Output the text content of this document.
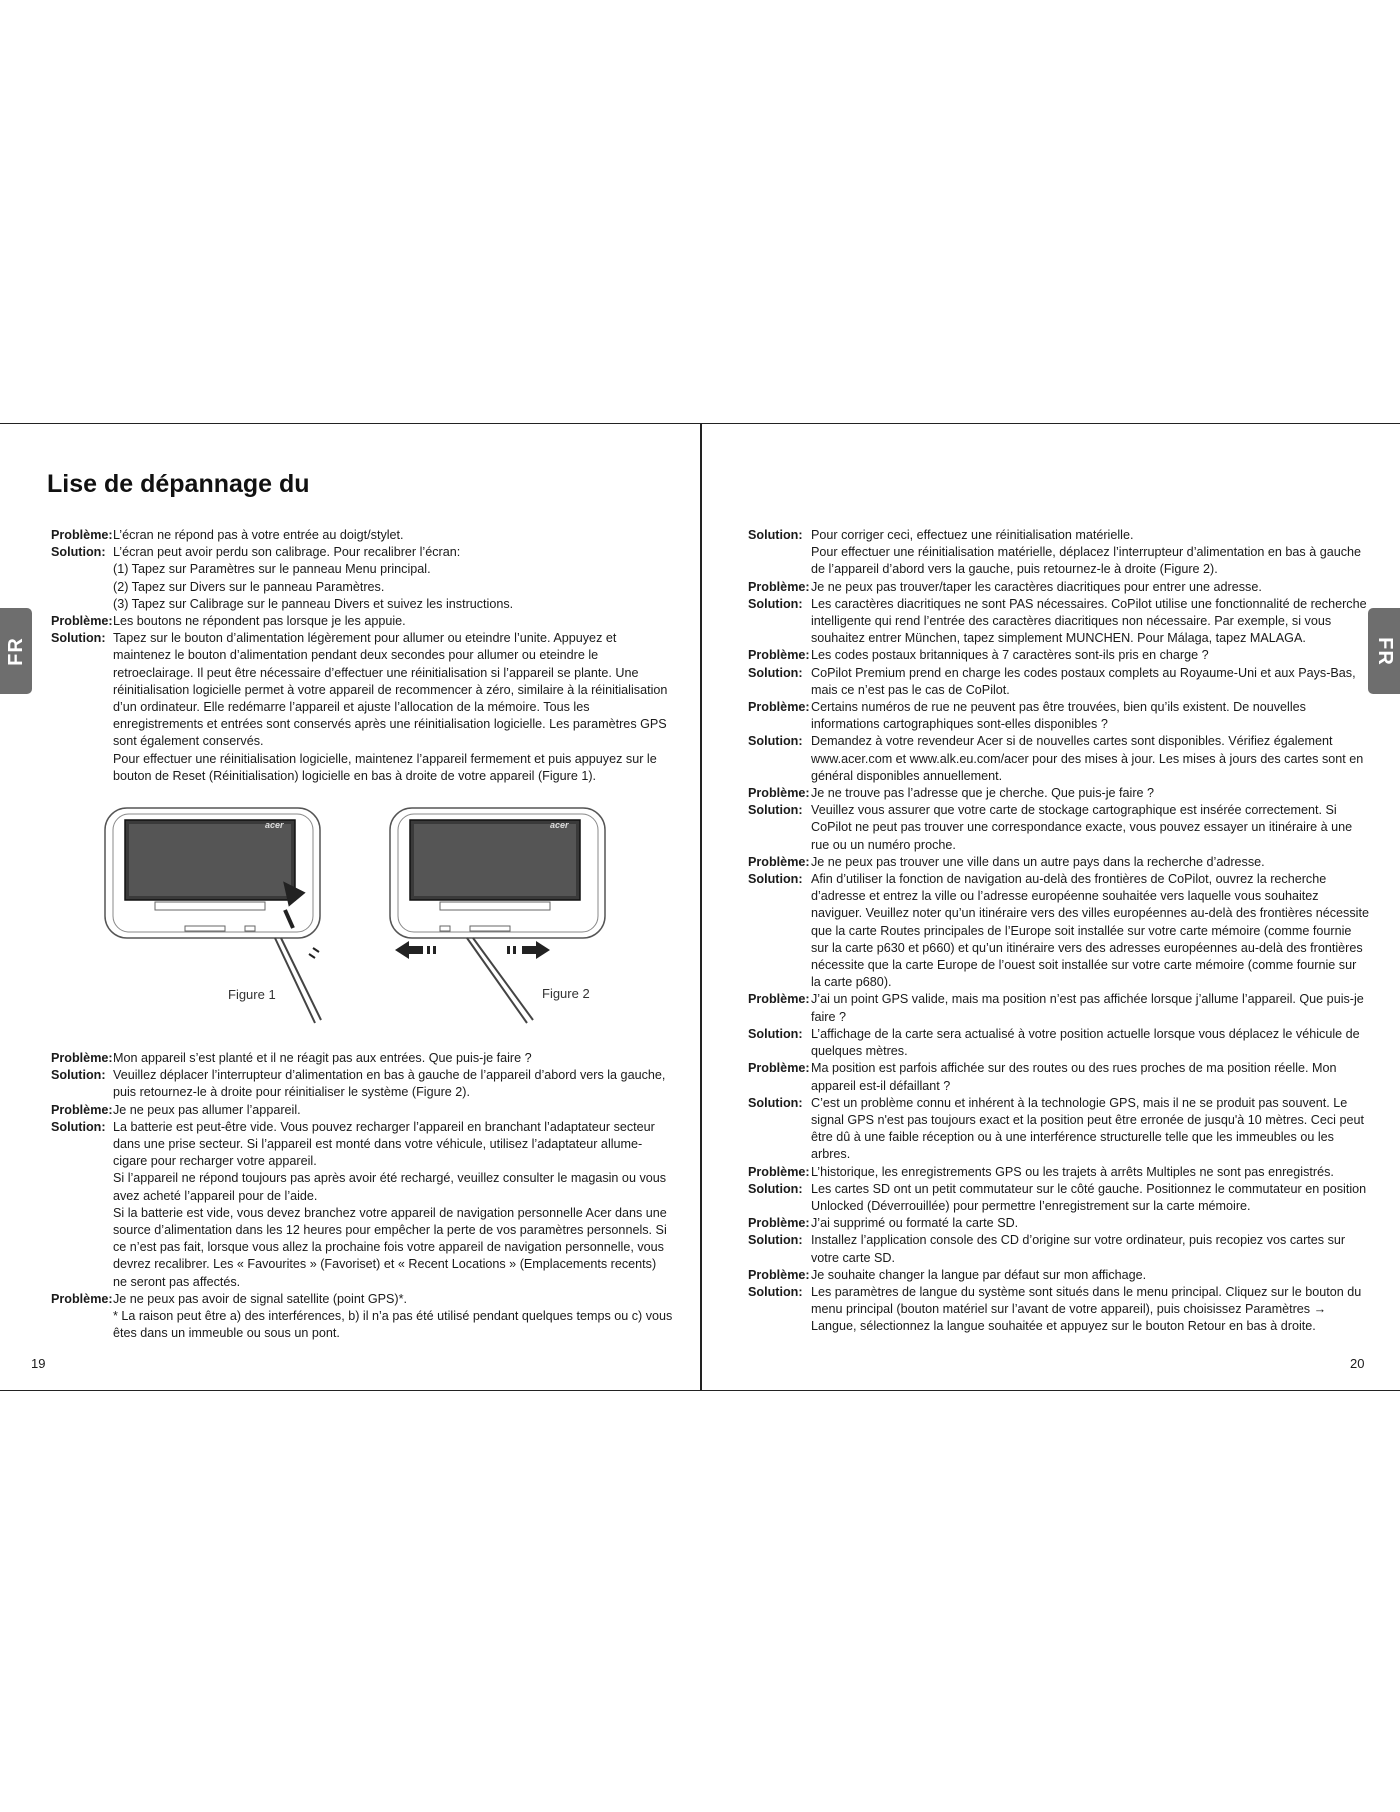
FR	FR
Lise de dépannage du
Problème: L’écran ne répond pas à votre entrée au doigt/stylet.

Solution: L’écran peut avoir perdu son calibrage. Pour recalibrer l’écran:

(1) Tapez sur Paramètres sur le panneau Menu principal.

(2) Tapez sur Divers sur le panneau Paramètres.

(3) Tapez sur Calibrage sur le panneau Divers et suivez les instructions.

Problème: Les boutons ne répondent pas lorsque je les appuie.

Solution: Tapez sur le bouton d’alimentation légèrement pour allumer ou eteindre l’unite. Appuyez et maintenez le bouton d’alimentation pendant deux secondes pour allumer ou eteindre le retroeclairage. Il peut être nécessaire d’effectuer une réinitialisation si l’appareil se plante. Une réinitialisation logicielle permet à votre appareil de recommencer à zéro, similaire à la réinitialisation d’un ordinateur. Elle redémarre l’appareil et ajuste l’allocation de la mémoire. Tous les enregistrements et entrées sont conservés après une réinitialisation logicielle. Les paramètres GPS sont également conservés.

Pour effectuer une réinitialisation logicielle, maintenez l’appareil fermement et puis appuyez sur le bouton de Reset (Réinitialisation) logicielle en bas à droite de votre appareil (Figure 1).

Figure 1	Figure 2
acer	acer
Problème: Mon appareil s’est planté et il ne réagit pas aux entrées. Que puis-je faire ?

Solution: Veuillez déplacer l’interrupteur d’alimentation en bas à gauche de l’appareil d’abord vers la gauche, puis retournez-le à droite pour réinitialiser le système (Figure 2).

Problème: Je ne peux pas allumer l’appareil.

Solution: La batterie est peut-être vide. Vous pouvez recharger l’appareil en branchant l’adaptateur secteur dans une prise secteur. Si l’appareil est monté dans votre véhicule, utilisez l’adaptateur allume-cigare pour recharger votre appareil.

Si l’appareil ne répond toujours pas après avoir été rechargé, veuillez consulter le magasin ou vous avez acheté l’appareil pour de l’aide.

Si la batterie est vide, vous devez branchez votre appareil de navigation personnelle Acer dans une source d’alimentation dans les 12 heures pour empêcher la perte de vos paramètres personnels. Si ce n’est pas fait, lorsque vous allez la prochaine fois votre appareil de navigation personnelle, vous devrez recalibrer. Les « Favourites » (Favoriset) et « Recent Locations » (Emplacements recents) ne seront pas affectés.

Problème: Je ne peux pas avoir de signal satellite (point GPS)*.

* La raison peut être a) des interférences, b) il n’a pas été utilisé pendant quelques temps ou c) vous êtes dans un immeuble ou sous un pont.

Solution: Pour corriger ceci, effectuez une réinitialisation matérielle.

Pour effectuer une réinitialisation matérielle, déplacez l’interrupteur d’alimentation en bas à gauche de l’appareil d’abord vers la gauche, puis retournez-le à droite (Figure 2).

Problème: Je ne peux pas trouver/taper les caractères diacritiques pour entrer une adresse.

Solution: Les caractères diacritiques ne sont PAS nécessaires. CoPilot utilise une fonctionnalité de recherche intelligente qui rend l’entrée des caractères diacritiques non nécessaire. Par exemple, si vous souhaitez entrer München, tapez simplement MUNCHEN. Pour Málaga, tapez MALAGA.

Problème: Les codes postaux britanniques à 7 caractères sont-ils pris en charge ?

Solution: CoPilot Premium prend en charge les codes postaux complets au Royaume-Uni et aux Pays-Bas, mais ce n’est pas le cas de CoPilot.

Problème: Certains numéros de rue ne peuvent pas être trouvées, bien qu’ils existent. De nouvelles informations cartographiques sont-elles disponibles ?

Solution: Demandez à votre revendeur Acer si de nouvelles cartes sont disponibles. Vérifiez également www.acer.com et www.alk.eu.com/acer pour des mises à jour. Les mises à jours des cartes sont en général disponibles annuellement.

Problème: Je ne trouve pas l’adresse que je cherche. Que puis-je faire ?

Solution: Veuillez vous assurer que votre carte de stockage cartographique est insérée correctement. Si CoPilot ne peut pas trouver une correspondance exacte, vous pouvez essayer un itinéraire à une rue ou un numéro proche.

Problème: Je ne peux pas trouver une ville dans un autre pays dans la recherche d’adresse.

Solution: Afin d’utiliser la fonction de navigation au-delà des frontières de CoPilot, ouvrez la recherche d’adresse et entrez la ville ou l’adresse européenne souhaitée vers laquelle vous souhaitez naviguer. Veuillez noter qu’un itinéraire vers des villes européennes au-delà des frontières nécessite que la carte Routes principales de l’Europe soit installée sur votre carte mémoire (comme fournie sur la carte p630 et p660) et qu’un itinéraire vers des adresses européennes au-delà des frontières nécessite que la carte Europe de l’ouest soit installée sur votre carte mémoire (comme fournie sur la carte p680).

Problème: J’ai un point GPS valide, mais ma position n’est pas affichée lorsque j’allume l’appareil. Que puis-je faire ?

Solution: L’affichage de la carte sera actualisé à votre position actuelle lorsque vous déplacez le véhicule de quelques mètres.

Problème: Ma position est parfois affichée sur des routes ou des rues proches de ma position réelle. Mon appareil est-il défaillant ?

Solution: C’est un problème connu et inhérent à la technologie GPS, mais il ne se produit pas souvent. Le signal GPS n'est pas toujours exact et la position peut être erronée de jusqu'à 10 mètres. Ceci peut être dû à une faible réception ou à une interférence structurelle telle que les immeubles ou les arbres.

Problème: L’historique, les enregistrements GPS ou les trajets à arrêts Multiples ne sont pas enregistrés.

Solution: Les cartes SD ont un petit commutateur sur le côté gauche. Positionnez le commutateur en position Unlocked (Déverrouillée) pour permettre l’enregistrement sur la carte mémoire.

Problème: J’ai supprimé ou formaté la carte SD.

Solution: Installez l’application console des CD d’origine sur votre ordinateur, puis recopiez vos cartes sur votre carte SD.

Problème: Je souhaite changer la langue par défaut sur mon affichage.

Solution: Les paramètres de langue du système sont situés dans le menu principal. Cliquez sur le bouton du menu principal (bouton matériel sur l’avant de votre appareil), puis choisissez Paramètres → Langue, sélectionnez la langue souhaitée et appuyez sur le bouton Retour en bas à droite.

19	20
